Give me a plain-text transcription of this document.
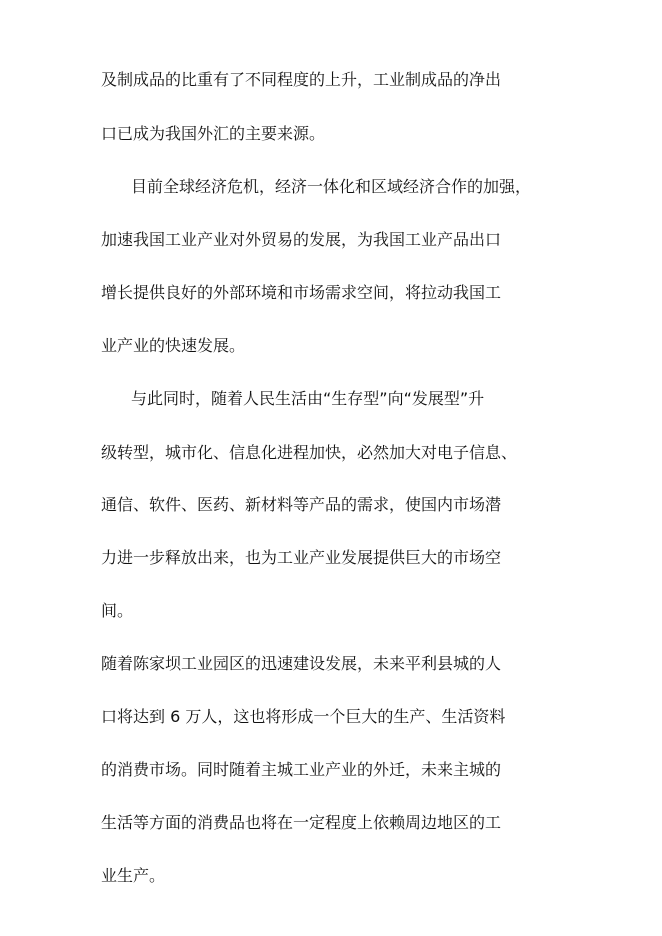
及制成品的比重有了不同程度的上升，工业制成品的净出
口已成为我国外汇的主要来源。
目前全球经济危机，经济一体化和区域经济合作的加强，
加速我国工业产业对外贸易的发展，为我国工业产品出口
增长提供良好的外部环境和市场需求空间，将拉动我国工
业产业的快速发展。
与此同时，随着人民生活由“生存型”向“发展型”升
级转型，城市化、信息化进程加快，必然加大对电子信息、
通信、软件、医药、新材料等产品的需求，使国内市场潜
力进一步释放出来，也为工业产业发展提供巨大的市场空
间。
随着陈家坝工业园区的迅速建设发展，未来平利县城的人
口将达到 6 万人，这也将形成一个巨大的生产、生活资料
的消费市场。同时随着主城工业产业的外迁，未来主城的
生活等方面的消费品也将在一定程度上依赖周边地区的工
业生产。
